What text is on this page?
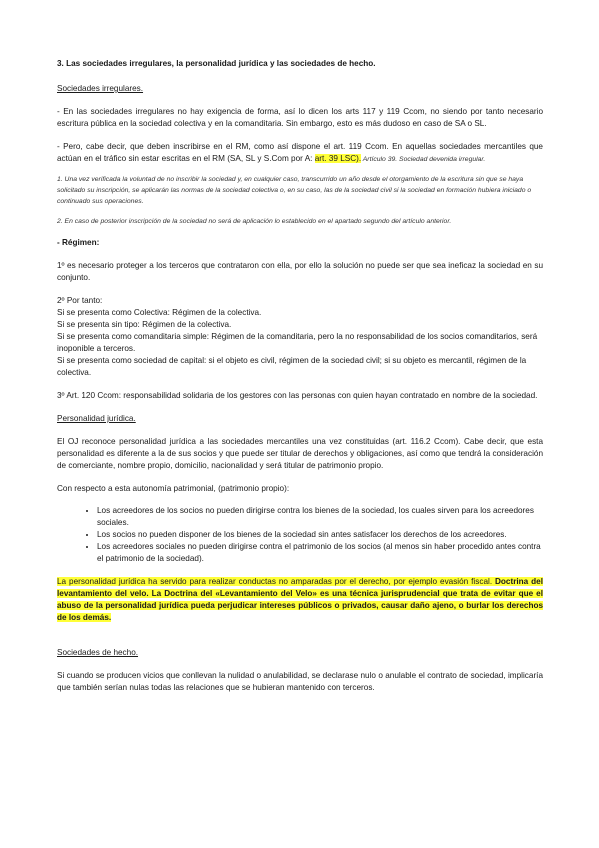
3. Las sociedades irregulares, la personalidad jurídica y las sociedades de hecho.

Sociedades irregulares.

- En las sociedades irregulares no hay exigencia de forma, así lo dicen los arts 117 y 119 Ccom, no siendo por tanto necesario escritura pública en la sociedad colectiva y en la comanditaria. Sin embargo, esto es más dudoso en caso de SA o SL.

- Pero, cabe decir, que deben inscribirse en el RM, como así dispone el art. 119 Ccom. En aquellas sociedades mercantiles que actúan en el tráfico sin estar escritas en el RM (SA, SL y S.Com por A: art. 39 LSC). Artículo 39. Sociedad devenida irregular.

1. Una vez verificada la voluntad de no inscribir la sociedad y, en cualquier caso, transcurrido un año desde el otorgamiento de la escritura sin que se haya solicitado su inscripción, se aplicarán las normas de la sociedad colectiva o, en su caso, las de la sociedad civil si la sociedad en formación hubiera iniciado o continuado sus operaciones.

2. En caso de posterior inscripción de la sociedad no será de aplicación lo establecido en el apartado segundo del artículo anterior.

- Régimen:

1º es necesario proteger a los terceros que contrataron con ella, por ello la solución no puede ser que sea ineficaz la sociedad en su conjunto.

2º Por tanto:

Si se presenta como Colectiva: Régimen de la colectiva.

Si se presenta sin tipo: Régimen de la colectiva.

Si se presenta como comanditaria simple: Régimen de la comanditaria, pero la no responsabilidad de los socios comanditarios, será inoponible a terceros.

Si se presenta como sociedad de capital: si el objeto es civil, régimen de la sociedad civil; si su objeto es mercantil, régimen de la colectiva.

3º Art. 120 Ccom: responsabilidad solidaria de los gestores con las personas con quien hayan contratado en nombre de la sociedad.

Personalidad jurídica.

El OJ reconoce personalidad jurídica a las sociedades mercantiles una vez constituidas (art. 116.2 Ccom). Cabe decir, que esta personalidad es diferente a la de sus socios y que puede ser titular de derechos y obligaciones, así como que tendrá la consideración de comerciante, nombre propio, domicilio, nacionalidad y será titular de patrimonio propio.

Con respecto a esta autonomía patrimonial, (patrimonio propio):

• Los acreedores de los socios no pueden dirigirse contra los bienes de la sociedad, los cuales sirven para los acreedores sociales.
• Los socios no pueden disponer de los bienes de la sociedad sin antes satisfacer los derechos de los acreedores.
• Los acreedores sociales no pueden dirigirse contra el patrimonio de los socios (al menos sin haber procedido antes contra el patrimonio de la sociedad).

La personalidad jurídica ha servido para realizar conductas no amparadas por el derecho, por ejemplo evasión fiscal. Doctrina del levantamiento del velo. La Doctrina del «Levantamiento del Velo» es una técnica jurisprudencial que trata de evitar que el abuso de la personalidad jurídica pueda perjudicar intereses públicos o privados, causar daño ajeno, o burlar los derechos de los demás.

Sociedades de hecho.

Si cuando se producen vicios que conllevan la nulidad o anulabilidad, se declarase nulo o anulable el contrato de sociedad, implicaría que también serían nulas todas las relaciones que se hubieran mantenido con terceros.
